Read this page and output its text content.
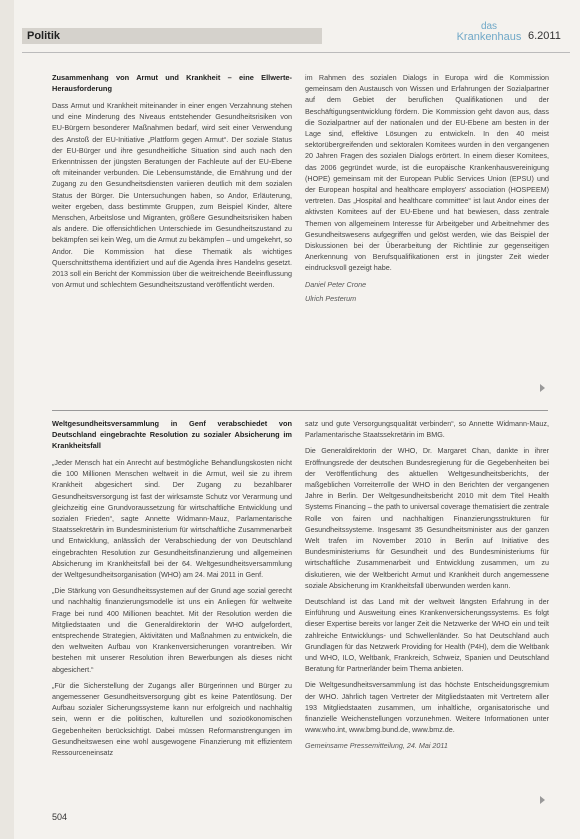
Politik
das
Krankenhaus 6.2011
Zusammenhang von Armut und Krankheit – eine Ellwerte-Herausforderung

Dass Armut und Krankheit miteinander in einer engen Verzahnung stehen und eine Minderung des Niveaus entstehender Gesundheitsrisiken von EU-Bürgern besonderer Maßnahmen bedarf, wird seit einer Verwendung des Anstoß der EU-Initiative „Plattform gegen Armut“. Der soziale Status der EU-Bürger und ihre gesundheitliche Situation sind auch nach den Erkenntnissen der jüngsten Beratungen der Fachleute auf der EU-Ebene oft miteinander verbunden. Die Lebensumstände, die Ernährung und der Zugang zu den Gesundheitsdiensten variieren deutlich mit dem sozialen Status der Bürger. Die Untersuchungen haben, so Andor, Erläuterung, weiter ergeben, dass bestimmte Gruppen, zum Beispiel Kinder, ältere Menschen, Arbeitslose und Migranten, größere Gesundheitsrisiken haben als andere. Die offensichtlichen Unterschiede im Gesundheitszustand zu bekämpfen sei kein Weg, um die Armut zu bekämpfen – und umgekehrt, so Andor. Die Kommission hat diese Thematik als wichtiges Querschnittsthema identifiziert und auf die Agenda ihres Handelns gesetzt. 2013 soll ein Bericht der Kommission über die weitreichende Beeinflussung von Armut und schlechtem Gesundheitszustand veröffentlicht werden.

im Rahmen des sozialen Dialogs in Europa wird die Kommission gemeinsam den Austausch von Wissen und Erfahrungen der Sozialpartner auf dem Gebiet der beruflichen Qualifikationen und der Beschäftigungsentwicklung fördern. Die Kommission geht davon aus, dass die Sozialpartner auf der nationalen und der EU-Ebene am besten in der Lage sind, effektive Lösungen zu entwickeln. In den 40 meist sektorübergreifenden und sektoralen Komitees wurden in den vergangenen 20 Jahren Fragen des sozialen Dialogs erörtert. In einem dieser Komitees, das 2006 gegründet wurde, ist die europäische Krankenhausvereinigung (HOPE) gemeinsam mit der European Public Services Union (EPSU) und der European hospital and healthcare employers' association (HOSPEEM) vertreten. Das „Hospital and healthcare committee“ ist laut Andor eines der aktivsten Komitees auf der EU-Ebene und hat bewiesen, dass zentrale Themen von allgemeinem Interesse für Arbeitgeber und Arbeitnehmer des Gesundheitswesens aufgegriffen und gelöst werden, wie das Beispiel der Diskussionen bei der Überarbeitung der Richtlinie zur gegenseitigen Anerkennung von Berufsqualifikationen erst in jüngster Zeit wieder eindrucksvoll gezeigt habe.

Daniel Peter Crone
Ulrich Pesterum
Weltgesundheitsversammlung in Genf verabschiedet von Deutschland eingebrachte Resolution zu sozialer Absicherung im Krankheitsfall

„Jeder Mensch hat ein Anrecht auf bestmögliche Behandlungskosten nicht die 100 Millionen Menschen weltweit in die Armut, weil sie zu ihrem Krankheit abgesichert sind. Der Zugang zu bezahlbarer Gesundheitsversorgung ist fast der wirksamste Schutz vor Verarmung und gleichzeitig eine Grundvoraussetzung für wirtschaftliche Entwicklung und sozialen Frieden“, sagte Annette Widmann-Mauz, Parlamentarische Staatssekretärin im Bundesministerium für wirtschaftliche Zusammenarbeit und Entwicklung, anlässlich der Verabschiedung der von Deutschland eingebrachten Resolution zur Gesundheitsfinanzierung und allgemeinen Absicherung im Krankheitsfall bei der 64. Weltgesundheitsversammlung der Weltgesundheitsorganisation (WHO) am 24. Mai 2011 in Genf.

„Die Stärkung von Gesundheitssystemen auf der Grund age sozial gerecht und nachhaltig finanzierungsmodelle ist uns ein Anliegen für weltweite Frage bei rund 400 Millionen beachtet. Mit der Resolution werden die Mitgliedstaaten und die Generaldirektorin der WHO aufgefordert, entsprechende Strategien, Aktivitäten und Maßnahmen zu entwickeln, die den weltweiten Aufbau von Krankenversicherungen vorantreiben. Wir bestehen mit unserer Resolution ihren Bewerbungen als dieses nicht abgesichert.“

„Für die Sicherstellung der Zugangs aller Bürgerinnen und Bürger zu angemessener Gesundheitsversorgung gibt es keine Patentlösung. Der Aufbau sozialer Sicherungssysteme kann nur erfolgreich und nachhaltig sein, wenn er die politischen, kulturellen und sozioökonomischen Gegebenheiten berücksichtigt. Dabei müssen Reformanstrengungen im Gesundheitswesen eine wohl ausgewogene Finanzierung mit effizientem Ressourceneinsatz

satz und gute Versorgungsqualität verbinden“, so Annette Widmann-Mauz, Parlamentarische Staatssekretärin im BMG.

Die Generaldirektorin der WHO, Dr. Margaret Chan, dankte in ihrer Eröffnungsrede der deutschen Bundesregierung für die Gegebenheiten bei der Veröffentlichung des aktuellen Weltgesundheitsberichts, der maßgeblichen Vorreiterrolle der WHO in den Berichten der vergangenen Jahre in Berlin. Der Weltgesundheitsbericht 2010 mit dem Titel Health Systems Financing – the path to universal coverage thematisiert die zentrale Rolle von fairen und nachhaltigen Finanzierungsstrukturen für Gesundheitssysteme. Insgesamt 35 Gesundheitsminister aus der ganzen Welt trafen im November 2010 in Berlin auf Initiative des Bundesministeriums für Gesundheit und des Bundesministeriums für wirtschaftliche Zusammenarbeit und Entwicklung zusammen, um zu diskutieren, wie der Weltbericht Armut und Krankheit durch angemessene soziale Absicherung im Krankheitsfall überwunden werden kann.

Deutschland ist das Land mit der weltweit längsten Erfahrung in der Einführung und Ausweitung eines Krankenversicherungssystems. Es folgt dieser Expertise bereits vor langer Zeit die Netzwerke der WHO ein und teilt zahlreiche Entwicklungs- und Schwellenländer. So hat Deutschland auch Grundlagen für das Netzwerk Providing for Health (P4H), dem die Weltbank und WHO, ILO, Weltbank, Frankreich, Schweiz, Spanien und Deutschland Beratung für Partnerländer beim Thema anbieten.

Die Weltgesundheitsversammlung ist das höchste Entscheidungsgremium der WHO. Jährlich tagen Vertreter der Mitgliedstaaten mit Vertretern aller 193 Mitgliedstaaten zusammen, um inhaltliche, organisatorische und finanzielle Weichenstellungen vorzunehmen. Weitere Informationen unter www.who.int, www.bmg.bund.de, www.bmz.de.

Gemeinsame Pressemitteilung, 24. Mai 2011
504
